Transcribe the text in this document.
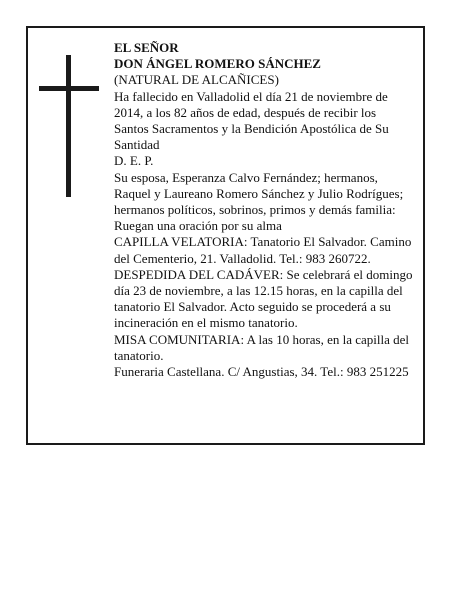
EL SEÑOR

DON ÁNGEL ROMERO SÁNCHEZ

(NATURAL DE ALCAÑICES)

Ha fallecido en Valladolid el día 21 de noviembre de 2014, a los 82 años de edad, después de recibir los Santos Sacramentos y la Bendición Apostólica de Su Santidad

D. E. P.

Su esposa, Esperanza Calvo Fernández; hermanos, Raquel y Laureano Romero Sánchez y Julio Rodrígues; hermanos políticos, sobrinos, primos y demás familia: Ruegan una oración por su alma

CAPILLA VELATORIA: Tanatorio El Salvador. Camino del Cementerio, 21. Valladolid. Tel.: 983 260722.

DESPEDIDA DEL CADÁVER: Se celebrará el domingo día 23 de noviembre, a las 12.15 horas, en la capilla del tanatorio El Salvador. Acto seguido se procederá a su incineración en el mismo tanatorio.

MISA COMUNITARIA: A las 10 horas, en la capilla del tanatorio.

Funeraria Castellana. C/ Angustias, 34. Tel.: 983 251225
